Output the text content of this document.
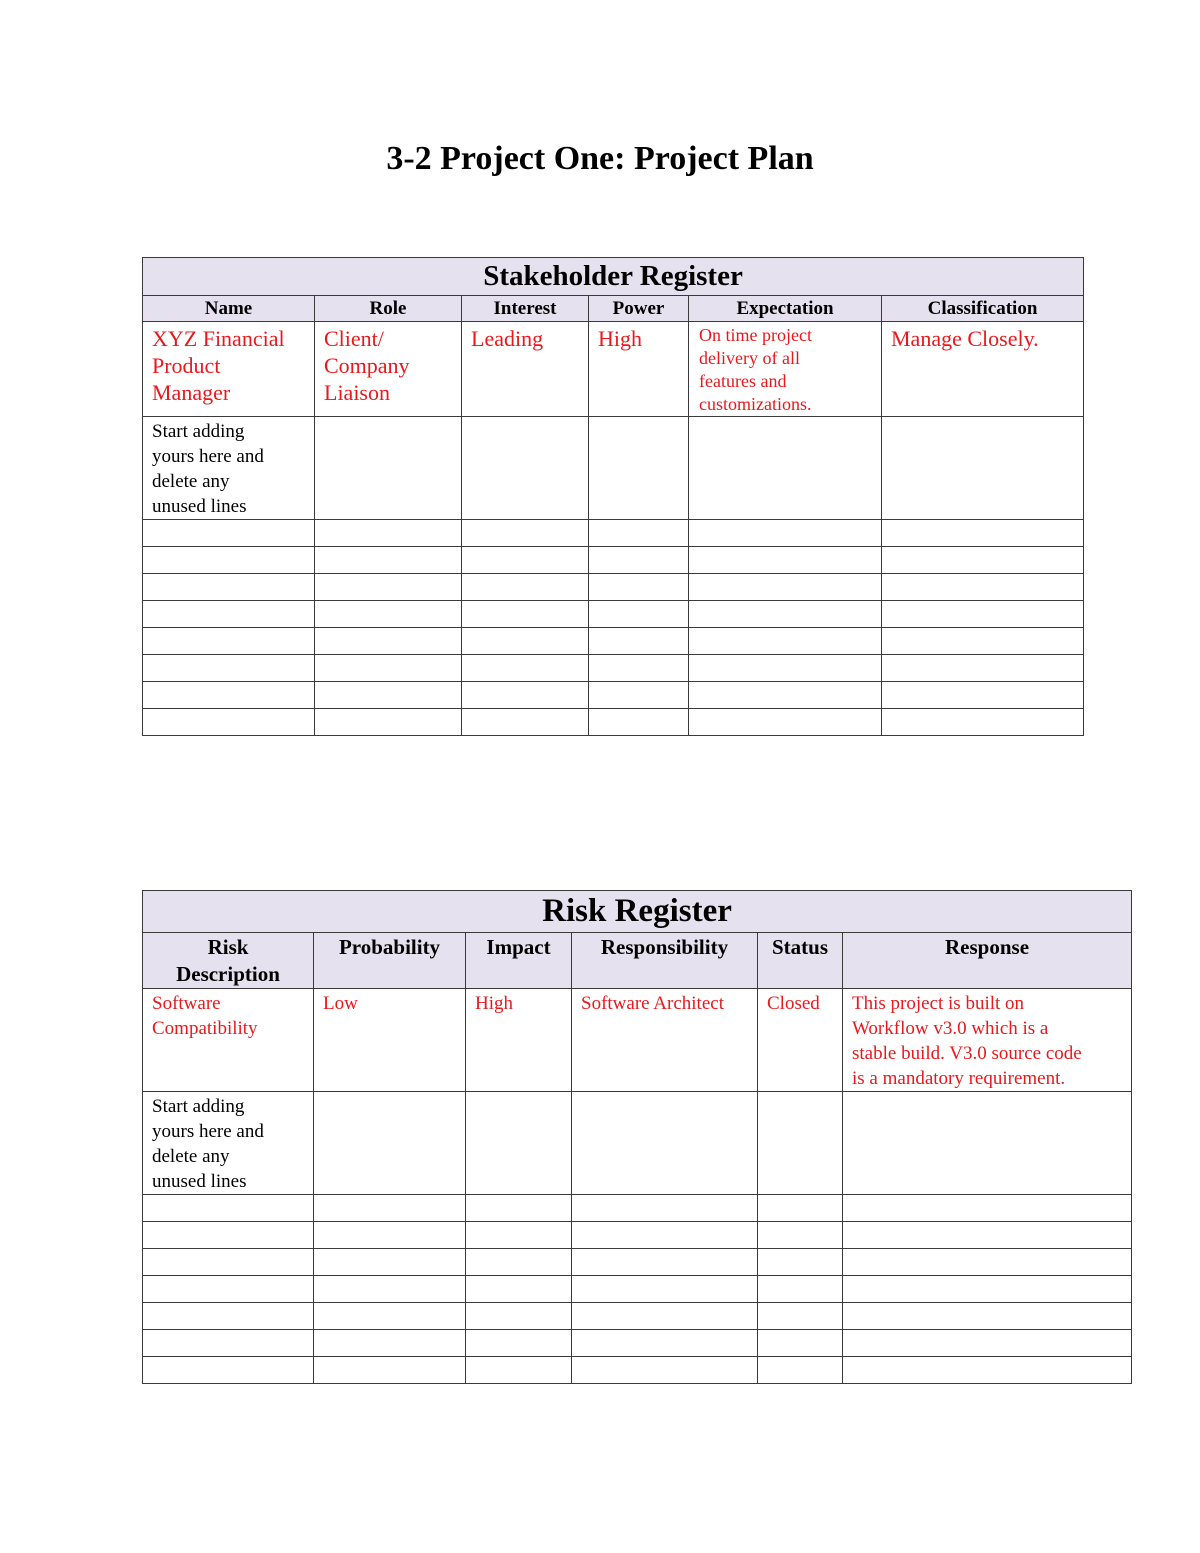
3-2 Project One: Project Plan
Stakeholder Register					
Name	Role	Interest	Power	Expectation	Classification

XYZ Financial
Product
Manager	Client/
Company
Liaison	Leading	High	On time project
delivery of all
features and
customizations.	Manage Closely.

Start adding
yours here and
delete any
unused lines					

Risk Register					

Risk
Description	Probability	Impact	Responsibility	Status	Response

Software
Compatibility	Low	High	Software Architect	Closed	This project is built on
Workflow v3.0 which is a
stable build. V3.0 source code
is a mandatory requirement.

Start adding
yours here and
delete any
unused lines					
